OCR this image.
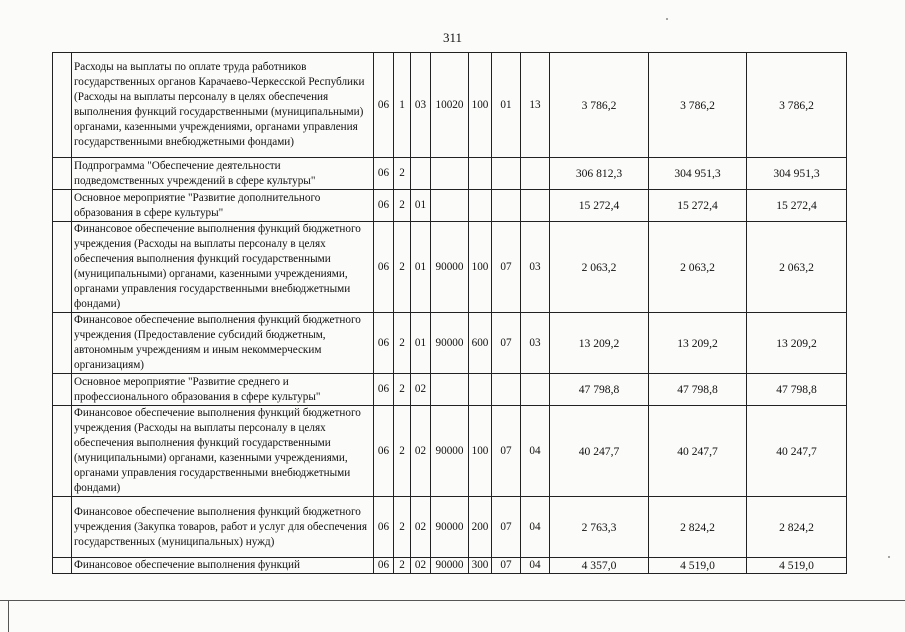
311
	Расходы на выплаты по оплате труда работников государственных органов Карачаево-Черкесской Республики (Расходы на выплаты персоналу в целях обеспечения выполнения функций государственными (муниципальными) органами, казенными учреждениями, органами управления государственными внебюджетными фондами)	06	1	03	10020	100	01	13	3 786,2	3 786,2	3 786,2
	Подпрограмма "Обеспечение деятельности подведомственных учреждений в сфере культуры"	06	2						306 812,3	304 951,3	304 951,3
	Основное мероприятие "Развитие дополнительного образования в сфере культуры"	06	2	01					15 272,4	15 272,4	15 272,4
	Финансовое обеспечение выполнения функций бюджетного учреждения (Расходы на выплаты персоналу в целях обеспечения выполнения функций государственными (муниципальными) органами, казенными учреждениями, органами управления государственными внебюджетными фондами)	06	2	01	90000	100	07	03	2 063,2	2 063,2	2 063,2
	Финансовое обеспечение выполнения функций бюджетного учреждения (Предоставление субсидий бюджетным, автономным учреждениям и иным некоммерческим организациям)	06	2	01	90000	600	07	03	13 209,2	13 209,2	13 209,2
	Основное мероприятие "Развитие среднего и профессионального образования в сфере культуры"	06	2	02					47 798,8	47 798,8	47 798,8
	Финансовое обеспечение выполнения функций бюджетного учреждения (Расходы на выплаты персоналу в целях обеспечения выполнения функций государственными (муниципальными) органами, казенными учреждениями, органами управления государственными внебюджетными фондами)	06	2	02	90000	100	07	04	40 247,7	40 247,7	40 247,7
	Финансовое обеспечение выполнения функций бюджетного учреждения (Закупка товаров, работ и услуг для обеспечения государственных (муниципальных) нужд)	06	2	02	90000	200	07	04	2 763,3	2 824,2	2 824,2
	Финансовое обеспечение выполнения функций	06	2	02	90000	300	07	04	4 357,0	4 519,0	4 519,0
